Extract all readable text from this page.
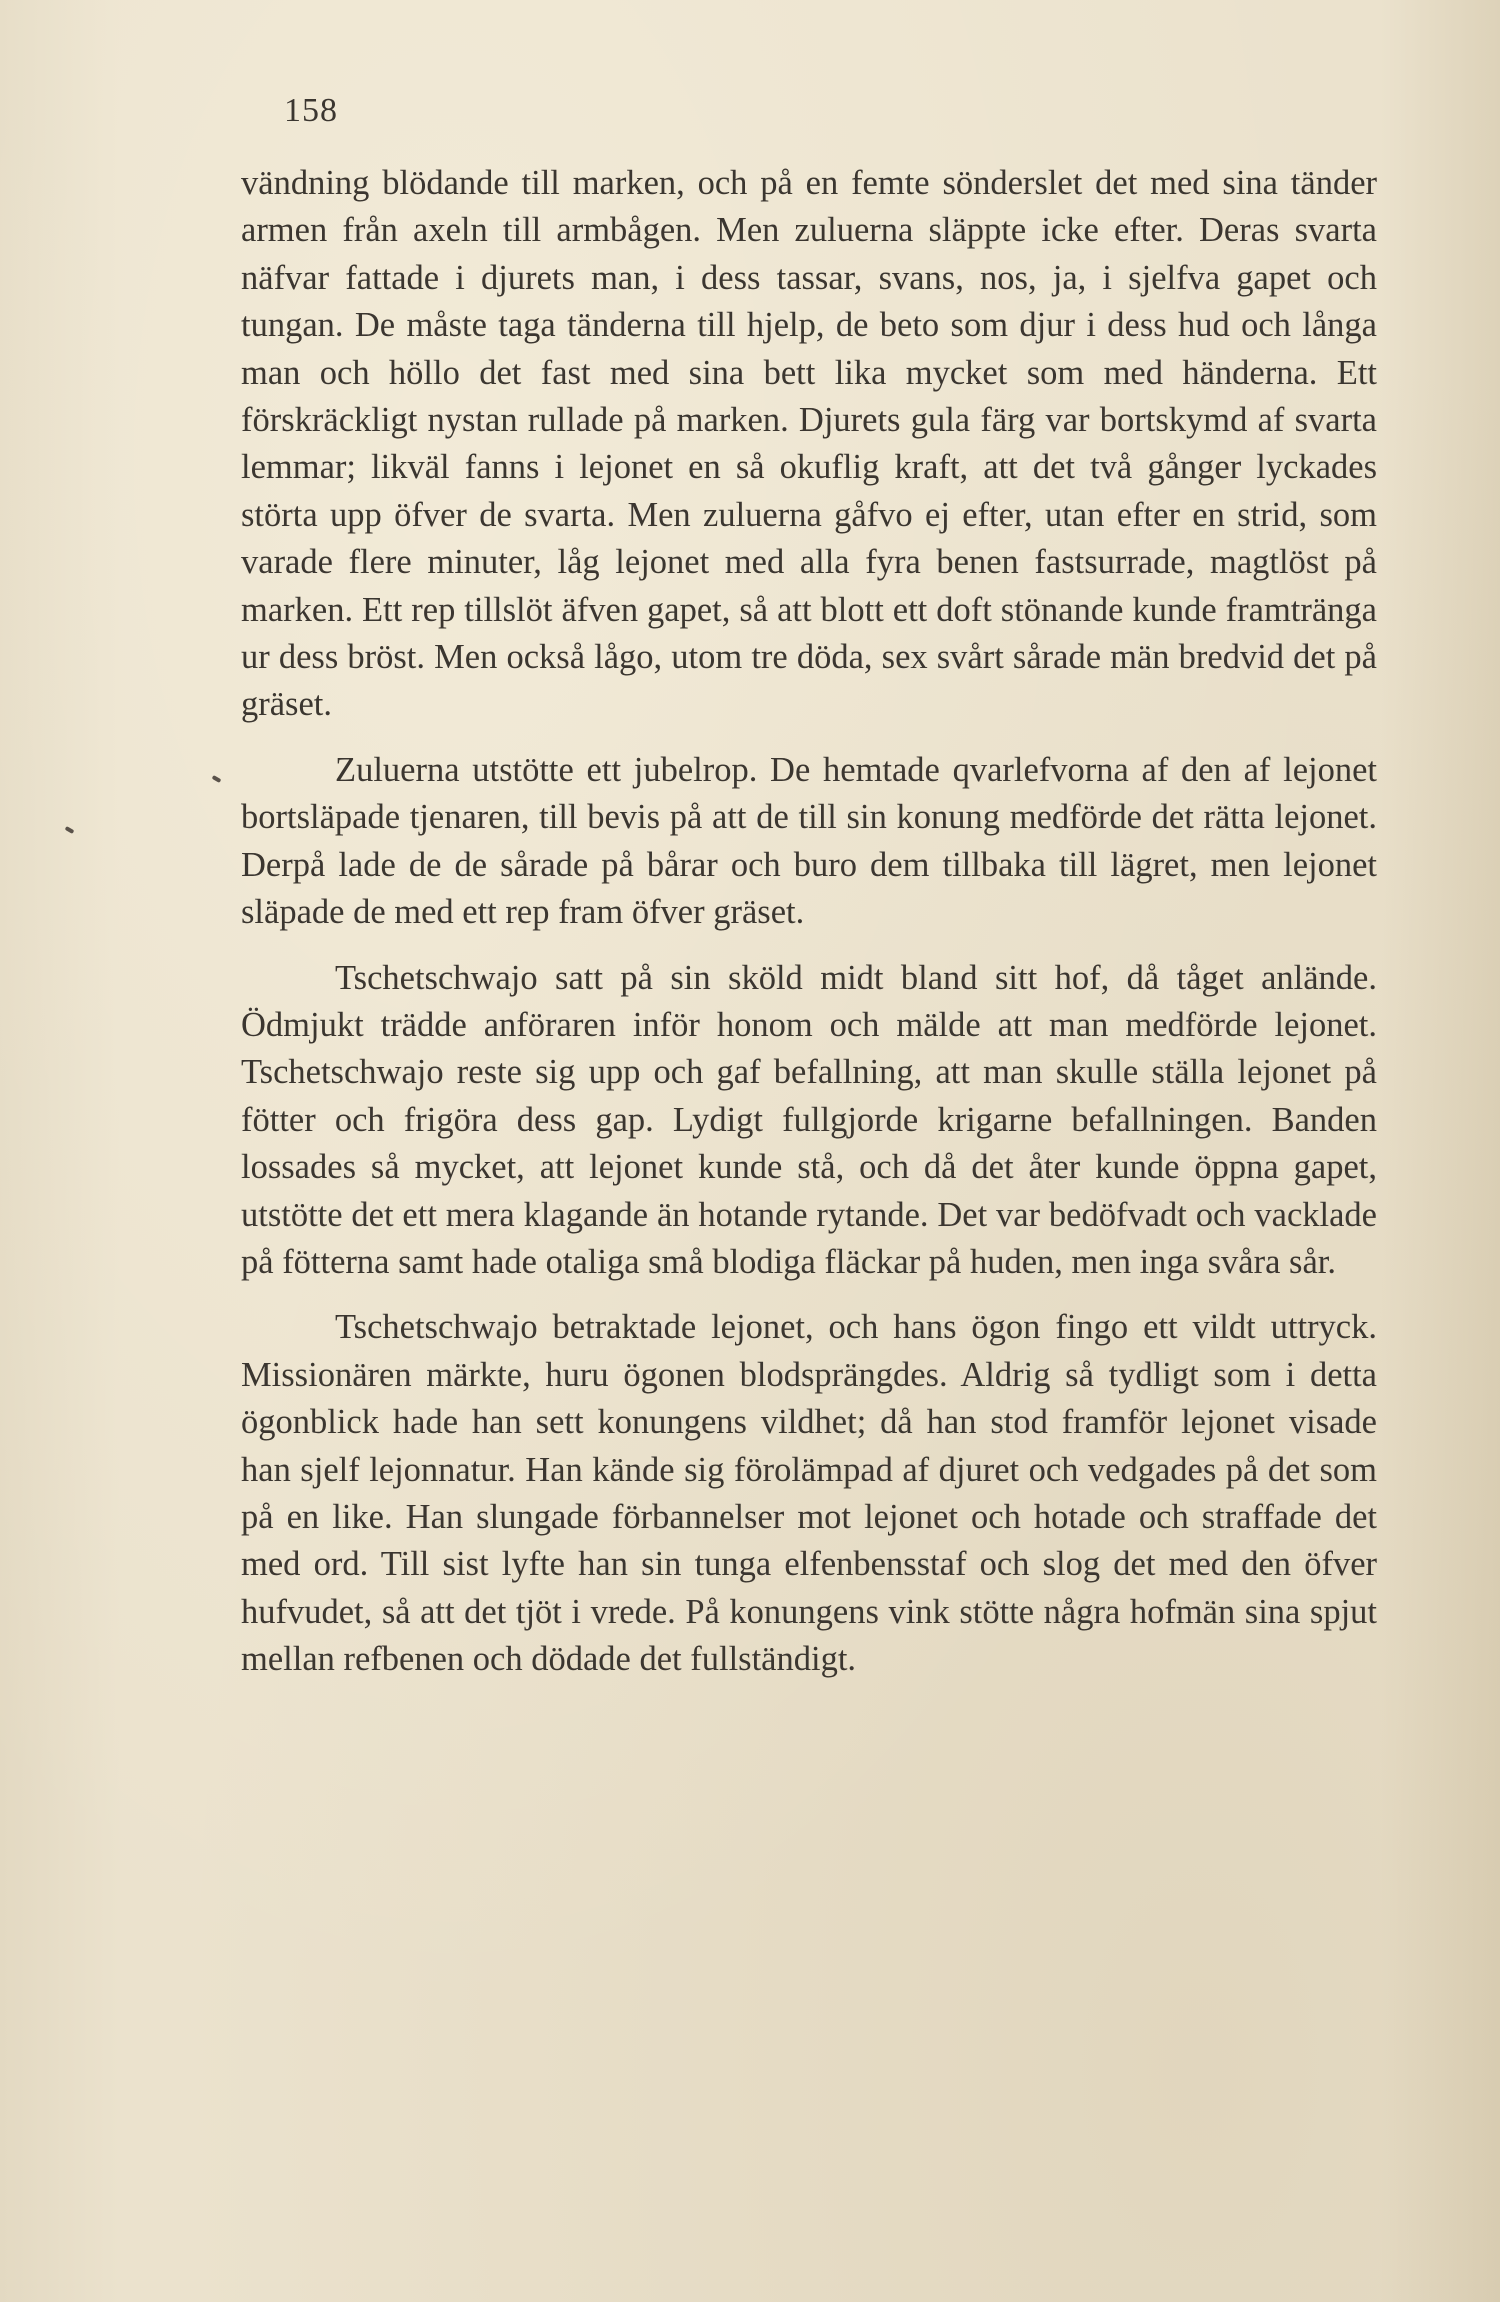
158

vändning blödande till marken, och på en femte sönderslet det med sina tänder armen från axeln till armbågen. Men zuluerna släppte icke efter. Deras svarta näfvar fattade i djurets man, i dess tassar, svans, nos, ja, i sjelfva gapet och tungan. De måste taga tänderna till hjelp, de beto som djur i dess hud och långa man och höllo det fast med sina bett lika mycket som med händerna. Ett förskräckligt nystan rullade på marken. Djurets gula färg var bortskymd af svarta lemmar; likväl fanns i lejonet en så okuflig kraft, att det två gånger lyckades störta upp öfver de svarta. Men zuluerna gåfvo ej efter, utan efter en strid, som varade flere minuter, låg lejonet med alla fyra benen fastsurrade, magtlöst på marken. Ett rep tillslöt äfven gapet, så att blott ett doft stönande kunde framtränga ur dess bröst. Men också lågo, utom tre döda, sex svårt sårade män bredvid det på gräset.

Zuluerna utstötte ett jubelrop. De hemtade qvarlefvorna af den af lejonet bortsläpade tjenaren, till bevis på att de till sin konung medförde det rätta lejonet. Derpå lade de de sårade på bårar och buro dem tillbaka till lägret, men lejonet släpade de med ett rep fram öfver gräset.

Tschetschwajo satt på sin sköld midt bland sitt hof, då tåget anlände. Ödmjukt trädde anföraren inför honom och mälde att man medförde lejonet. Tschetschwajo reste sig upp och gaf befallning, att man skulle ställa lejonet på fötter och frigöra dess gap. Lydigt fullgjorde krigarne befallningen. Banden lossades så mycket, att lejonet kunde stå, och då det åter kunde öppna gapet, utstötte det ett mera klagande än hotande rytande. Det var bedöfvadt och vacklade på fötterna samt hade otaliga små blodiga fläckar på huden, men inga svåra sår.

Tschetschwajo betraktade lejonet, och hans ögon fingo ett vildt uttryck. Missionären märkte, huru ögonen blodsprängdes. Aldrig så tydligt som i detta ögonblick hade han sett konungens vildhet; då han stod framför lejonet visade han sjelf lejonnatur. Han kände sig förolämpad af djuret och vedgades på det som på en like. Han slungade förbannelser mot lejonet och hotade och straffade det med ord. Till sist lyfte han sin tunga elfenbensstaf och slog det med den öfver hufvudet, så att det tjöt i vrede. På konungens vink stötte några hofmän sina spjut mellan refbenen och dödade det fullständigt.
